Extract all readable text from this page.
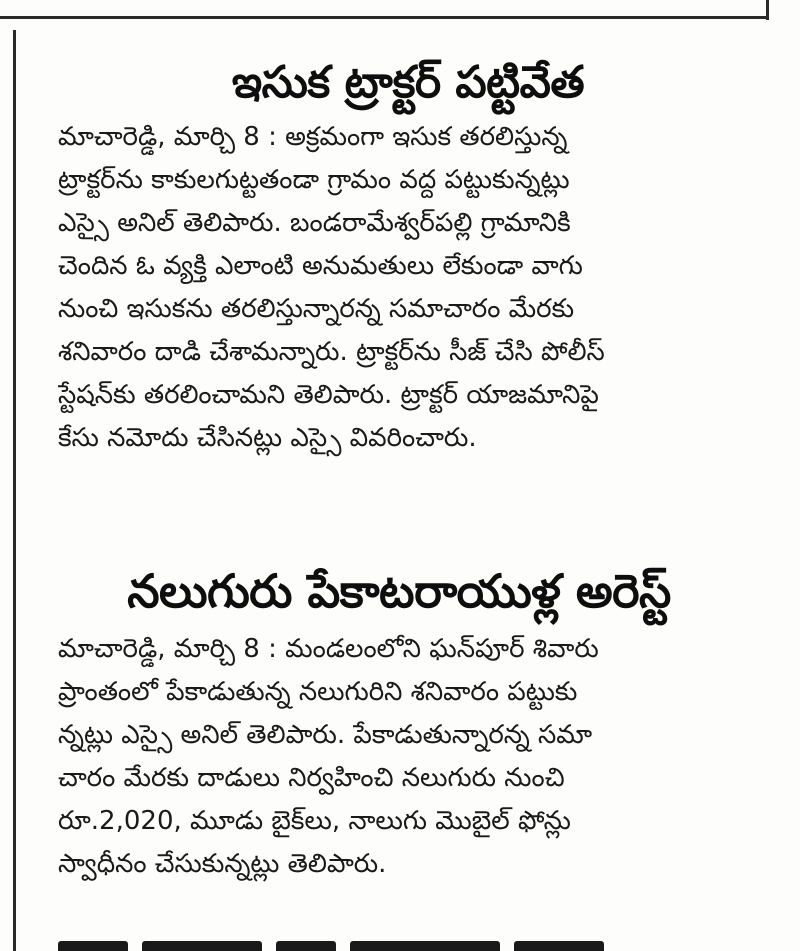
ఇసుక ట్రాక్టర్ పట్టివేత

మాచారెడ్డి, మార్చి 8 : అక్రమంగా ఇసుక తరలిస్తున్న
ట్రాక్టర్‌ను కాకులగుట్టతండా గ్రామం వద్ద పట్టుకున్నట్లు
ఎస్సై అనిల్ తెలిపారు. బండరామేశ్వర్‌పల్లి గ్రామానికి
చెందిన ఓ వ్యక్తి ఎలాంటి అనుమతులు లేకుండా వాగు
నుంచి ఇసుకను తరలిస్తున్నారన్న సమాచారం మేరకు
శనివారం దాడి చేశామన్నారు. ట్రాక్టర్‌ను సీజ్ చేసి పోలీస్
స్టేషన్‌కు తరలించామని తెలిపారు. ట్రాక్టర్ యాజమానిపై
కేసు నమోదు చేసినట్లు ఎస్సై వివరించారు.

నలుగురు పేకాటరాయుళ్ల అరెస్ట్

మాచారెడ్డి, మార్చి 8 : మండలంలోని ఘన్‌పూర్ శివారు
ప్రాంతంలో పేకాడుతున్న నలుగురిని శనివారం పట్టుకు
న్నట్లు ఎస్సై అనిల్ తెలిపారు. పేకాడుతున్నారన్న సమా
చారం మేరకు దాడులు నిర్వహించి నలుగురు నుంచి
రూ.2,020, మూడు బైక్‌లు, నాలుగు మొబైల్ ఫోన్లు
స్వాధీనం చేసుకున్నట్లు తెలిపారు.
